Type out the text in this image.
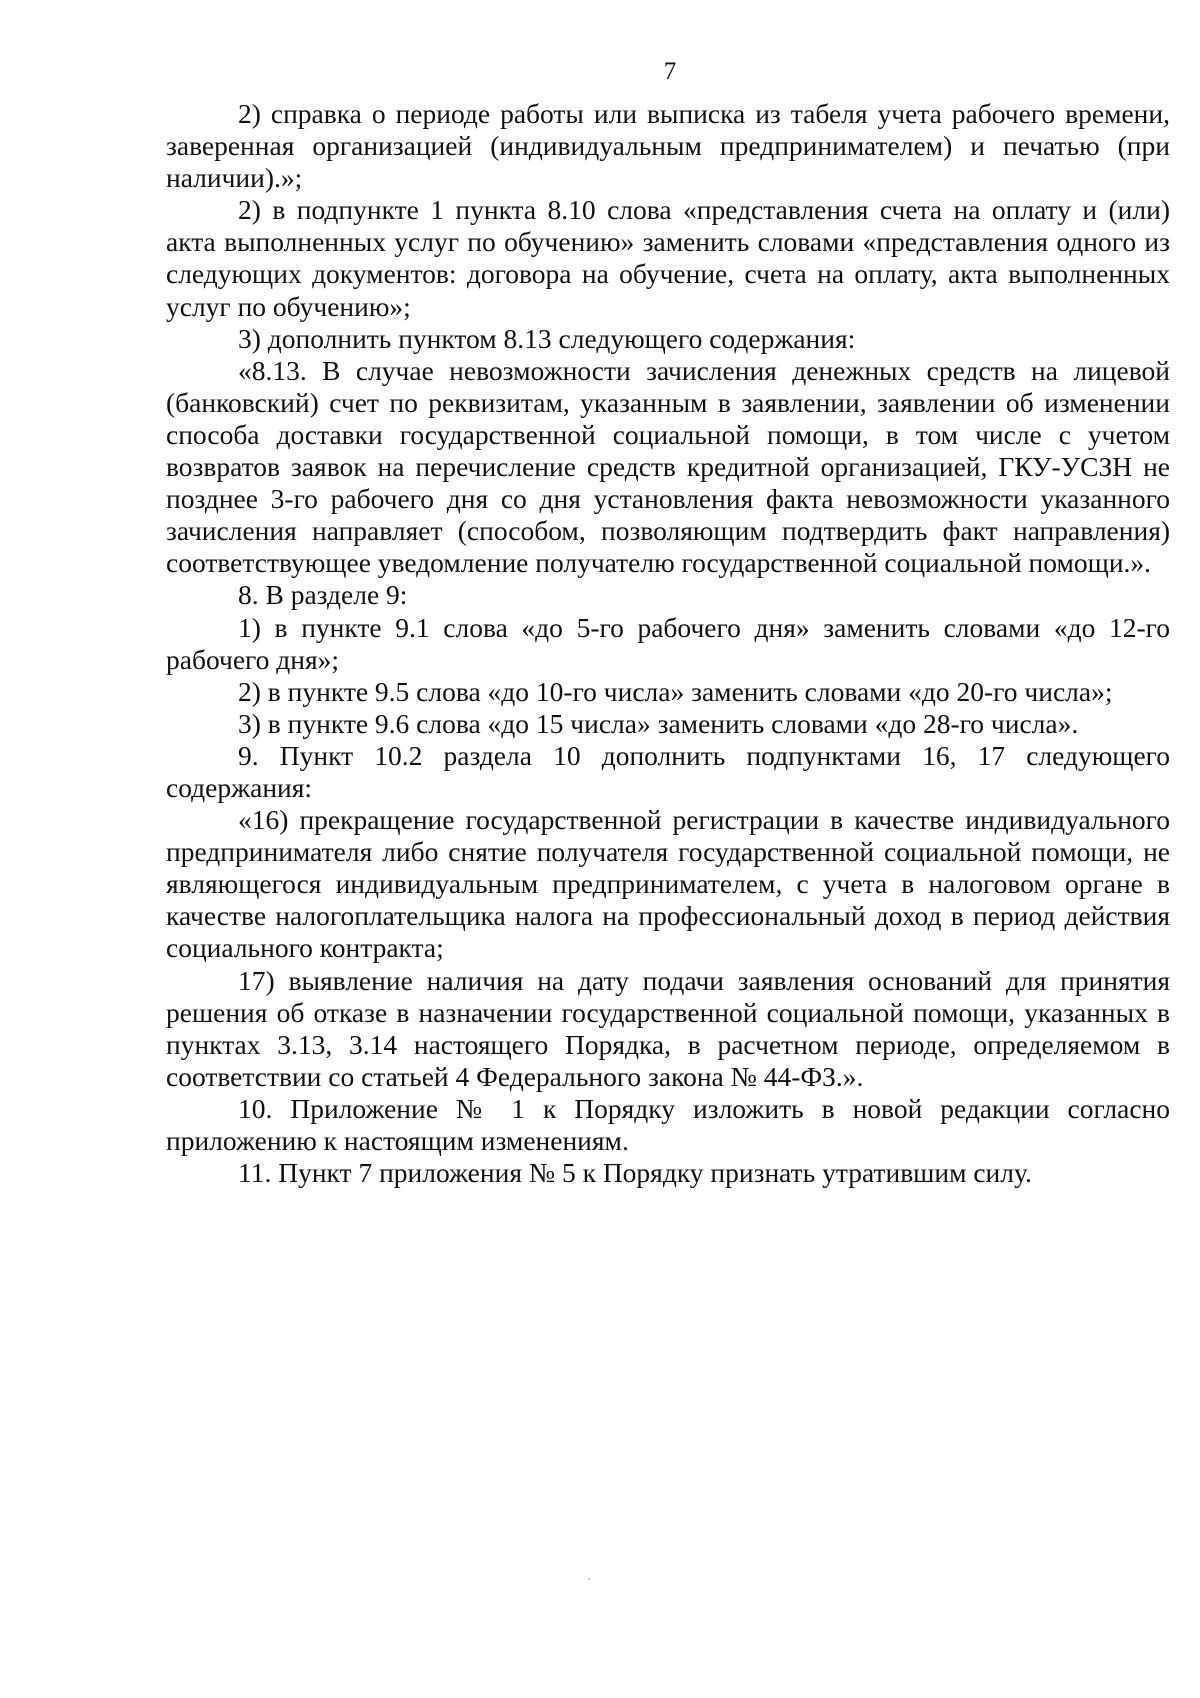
7

2) справка о периоде работы или выписка из табеля учета рабочего времени, заверенная организацией (индивидуальным предпринимателем) и печатью (при наличии).»;

2) в подпункте 1 пункта 8.10 слова «представления счета на оплату и (или) акта выполненных услуг по обучению» заменить словами «представления одного из следующих документов: договора на обучение, счета на оплату, акта выполненных услуг по обучению»;

3) дополнить пунктом 8.13 следующего содержания:

«8.13. В случае невозможности зачисления денежных средств на лицевой (банковский) счет по реквизитам, указанным в заявлении, заявлении об изменении способа доставки государственной социальной помощи, в том числе с учетом возвратов заявок на перечисление средств кредитной организацией, ГКУ-УСЗН не позднее 3-го рабочего дня со дня установления факта невозможности указанного зачисления направляет (способом, позволяющим подтвердить факт направления) соответствующее уведомление получателю государственной социальной помощи.».

8. В разделе 9:

1) в пункте 9.1 слова «до 5-го рабочего дня» заменить словами «до 12-го рабочего дня»;

2) в пункте 9.5 слова «до 10-го числа» заменить словами «до 20-го числа»;

3) в пункте 9.6 слова «до 15 числа» заменить словами «до 28-го числа».

9. Пункт 10.2 раздела 10 дополнить подпунктами 16, 17 следующего содержания:

«16) прекращение государственной регистрации в качестве индивидуального предпринимателя либо снятие получателя государственной социальной помощи, не являющегося индивидуальным предпринимателем, с учета в налоговом органе в качестве налогоплательщика налога на профессиональный доход в период действия социального контракта;

17) выявление наличия на дату подачи заявления оснований для принятия решения об отказе в назначении государственной социальной помощи, указанных в пунктах 3.13, 3.14 настоящего Порядка, в расчетном периоде, определяемом в соответствии со статьей 4 Федерального закона № 44-ФЗ.».

10. Приложение № 1 к Порядку изложить в новой редакции согласно приложению к настоящим изменениям.

11. Пункт 7 приложения № 5 к Порядку признать утратившим силу.
